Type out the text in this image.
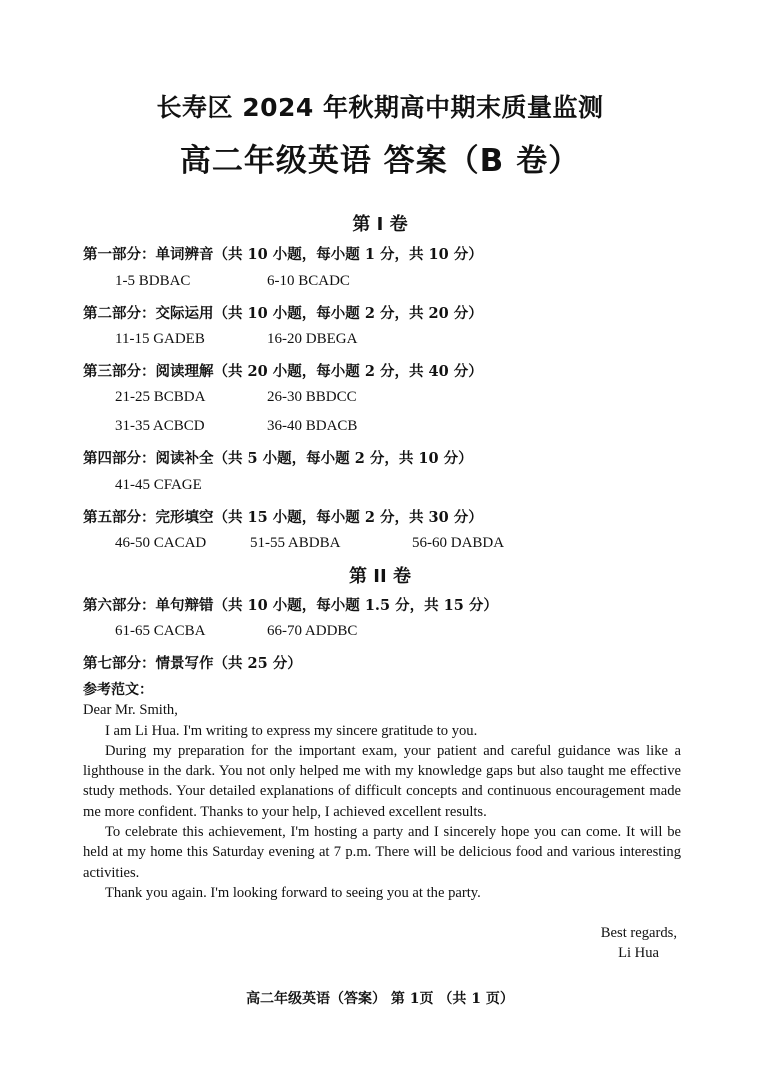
长寿区 2024 年秋期高中期末质量监测
高二年级英语 答案（B 卷）
第 I 卷
第一部分：单词辨音（共 10 小题，每小题 1 分，共 10 分）
1-5 BDBAC	6-10 BCADC
第二部分：交际运用（共 10 小题，每小题 2 分，共 20 分）
11-15 GADEB	16-20 DBEGA
第三部分：阅读理解（共 20 小题，每小题 2 分，共 40 分）
21-25 BCBDA	26-30 BBDCC
31-35 ACBCD	36-40 BDACB
第四部分：阅读补全（共 5 小题，每小题 2 分，共 10 分）
41-45 CFAGE
第五部分：完形填空（共 15 小题，每小题 2 分，共 30 分）
46-50 CACAD	51-55 ABDBA	56-60 DABDA
第 II 卷
第六部分：单句辩错（共 10 小题，每小题 1.5 分，共 15 分）
61-65 CACBA	66-70 ADDBC
第七部分：情景写作（共 25 分）

参考范文：

Dear Mr. Smith,

I am Li Hua. I'm writing to express my sincere gratitude to you.

During my preparation for the important exam, your patient and careful guidance was like a lighthouse in the dark. You not only helped me with my knowledge gaps but also taught me effective study methods. Your detailed explanations of difficult concepts and continuous encouragement made me more confident. Thanks to your help, I achieved excellent results.

To celebrate this achievement, I'm hosting a party and I sincerely hope you can come. It will be held at my home this Saturday evening at 7 p.m. There will be delicious food and various interesting activities.

Thank you again. I'm looking forward to seeing you at the party.

Best regards,
Li Hua
高二年级英语（答案） 第 1页 （共 1 页）
